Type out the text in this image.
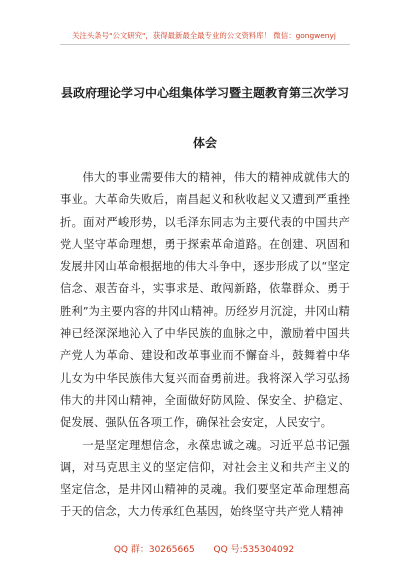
关注头条号"公文研究"，获得最新最全最专业的公文资料库！ 微信：gongwenyj
县政府理论学习中心组集体学习暨主题教育第三次学习体会

伟大的事业需要伟大的精神，伟大的精神成就伟大的事业。大革命失败后，南昌起义和秋收起义又遭到严重挫折。面对严峻形势，以毛泽东同志为主要代表的中国共产党人坚守革命理想，勇于探索革命道路。在创建、巩固和发展井冈山革命根据地的伟大斗争中，逐步形成了以“坚定信念、艰苦奋斗，实事求是、敢闯新路，依靠群众、勇于胜利”为主要内容的井冈山精神。历经岁月沉淀，井冈山精神已经深深地沁入了中华民族的血脉之中，激励着中国共产党人为革命、建设和改革事业而不懈奋斗，鼓舞着中华儿女为中华民族伟大复兴而奋勇前进。我将深入学习弘扬伟大的井冈山精神，全面做好防风险、保安全、护稳定、促发展、强队伍各项工作，确保社会安定，人民安宁。

一是坚定理想信念，永葆忠诚之魂。习近平总书记强调，对马克思主义的坚定信仰，对社会主义和共产主义的坚定信念，是井冈山精神的灵魂。我们要坚定革命理想高于天的信念，大力传承红色基因，始终坚守共产党人精神

QQ 群：30265665 QQ 号:535304092
